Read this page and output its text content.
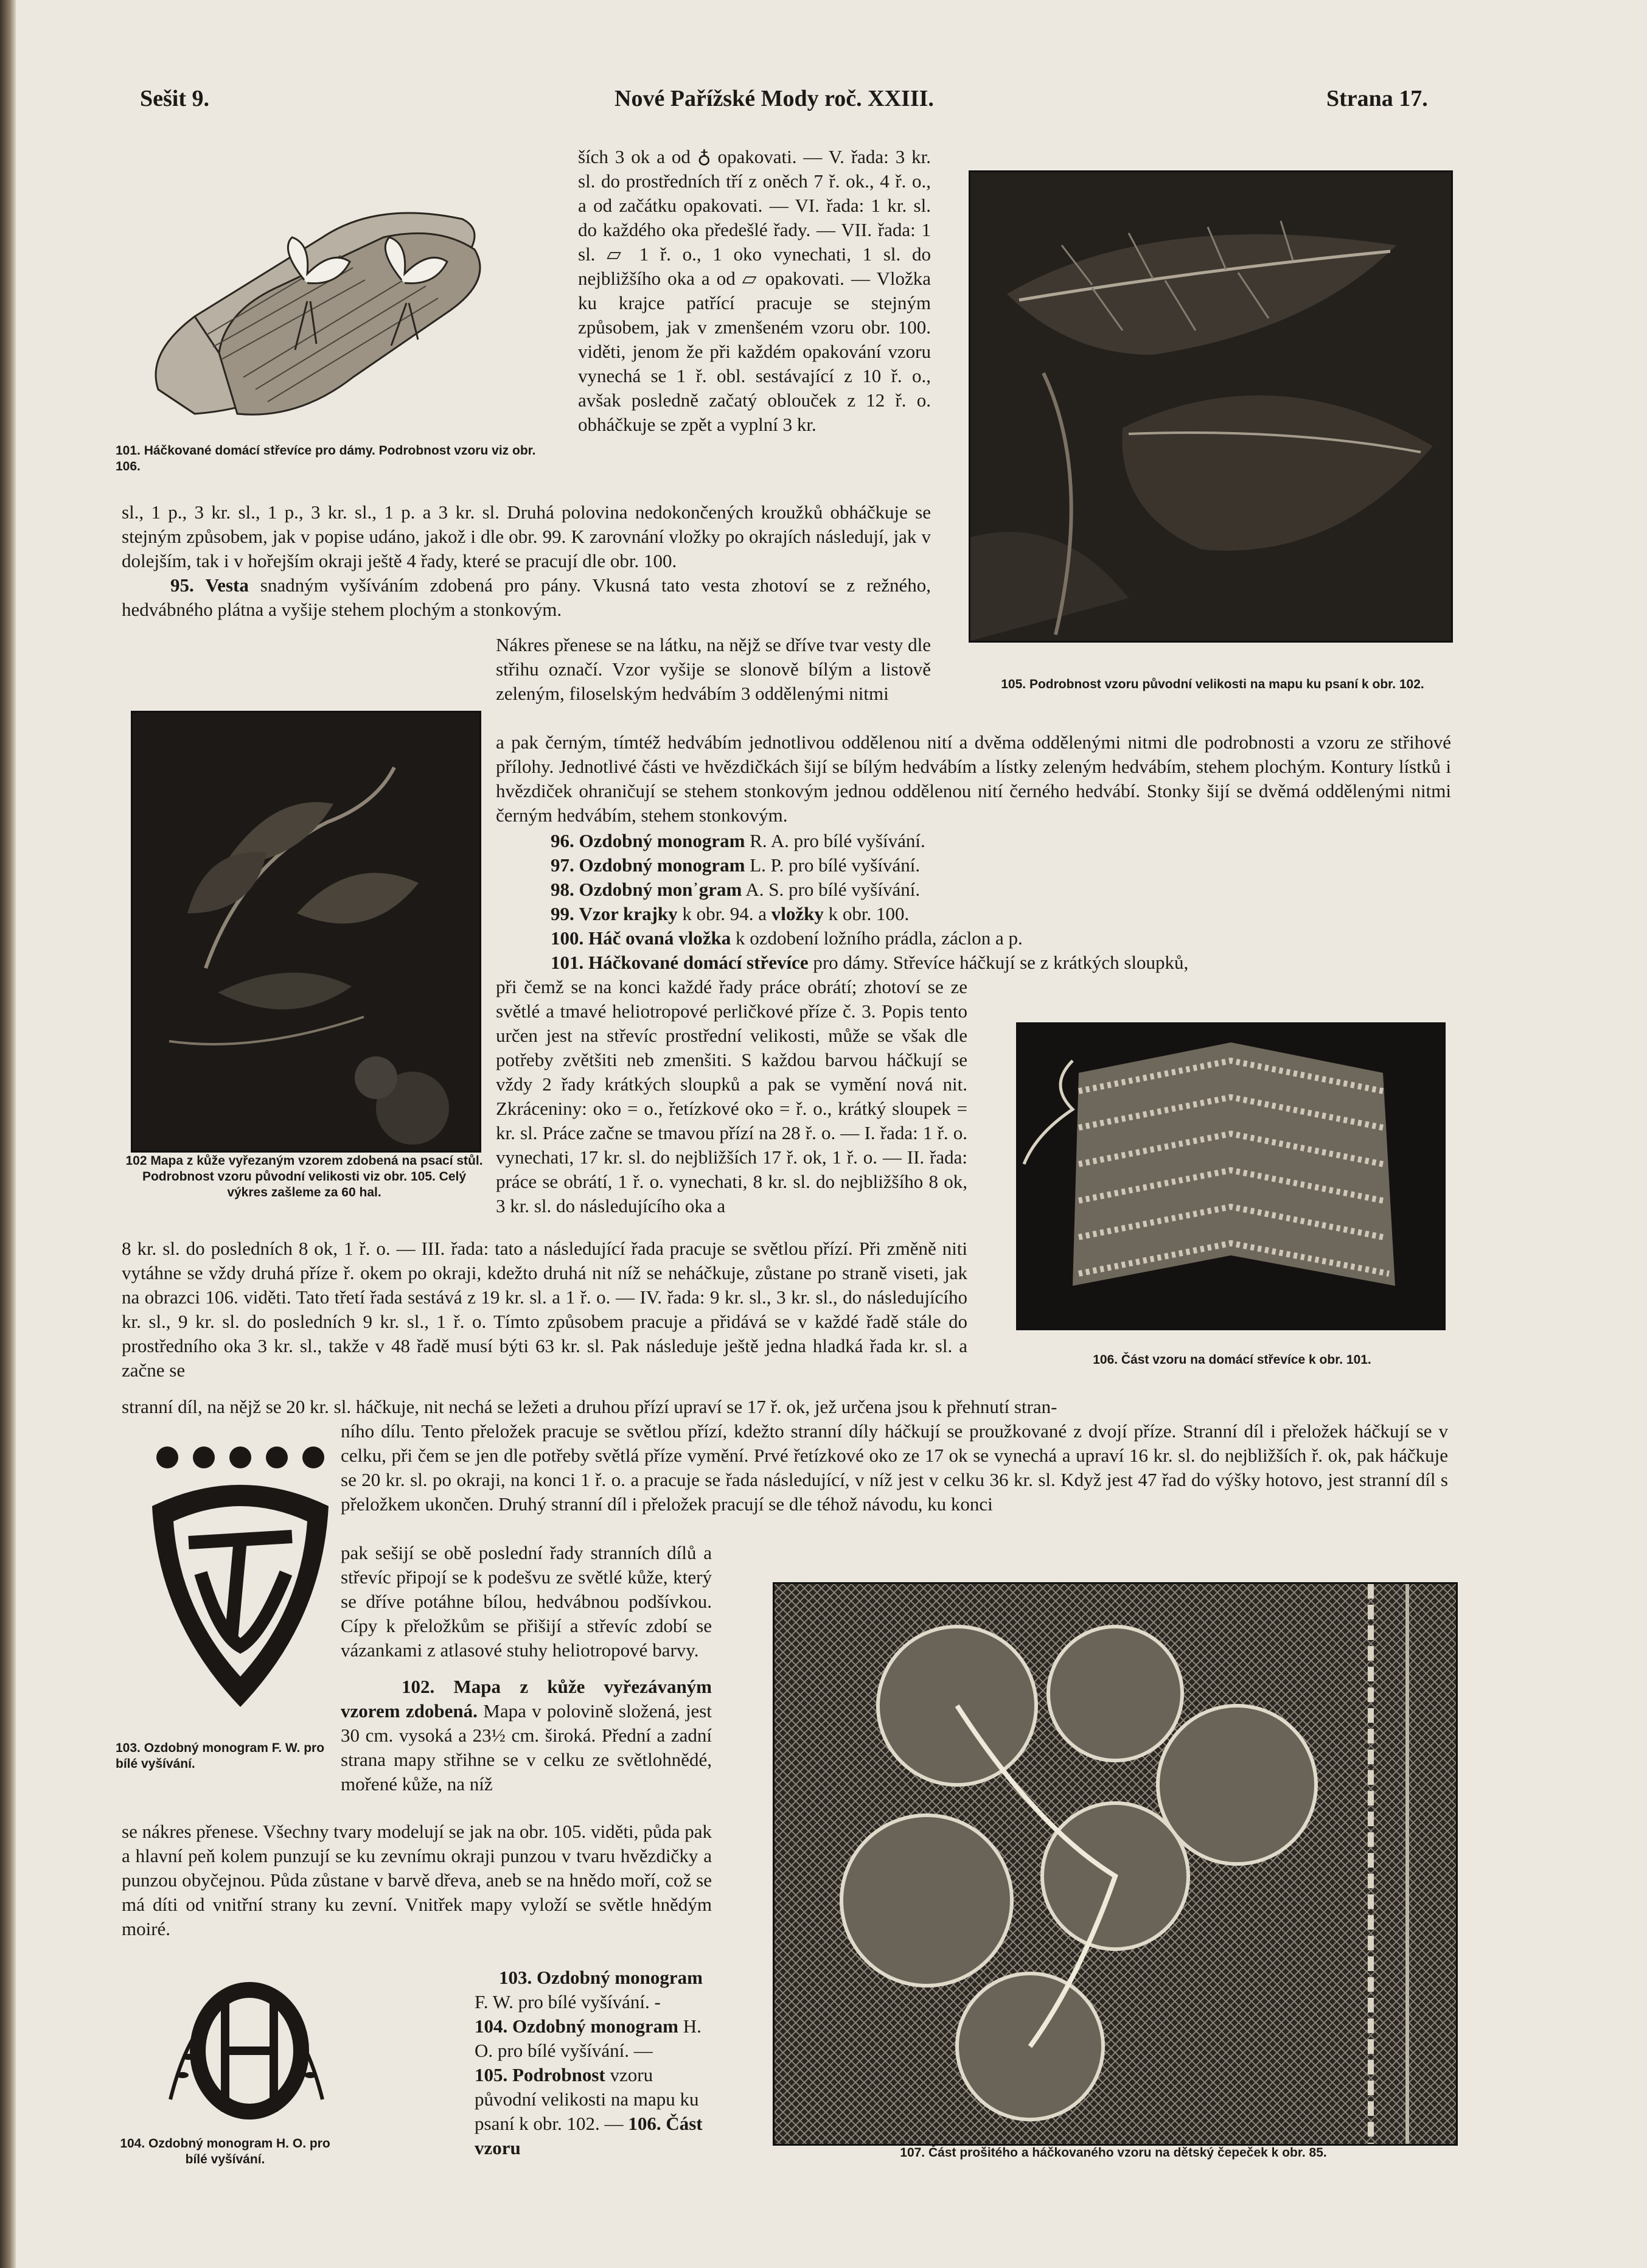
Sešit 9.	Nové Pařížské Mody roč. XXIII.	Strana 17.
101. Háčkované domácí střevíce pro dámy. Podrobnost vzoru viz obr. 106.
ších 3 ok a od ♁ opakovati. — V. řada: 3 kr. sl. do prostředních tří z oněch 7 ř. ok., 4 ř. o., a od začátku opakovati. — VI. řada: 1 kr. sl. do každého oka předešlé řady. — VII. řada: 1 sl. ▱ 1 ř. o., 1 oko vynechati, 1 sl. do nejbližšího oka a od ▱ opakovati. — Vložka ku krajce patřící pracuje se stejným způsobem, jak v zmenšeném vzoru obr. 100. viděti, jenom že při každém opakování vzoru vynechá se 1 ř. obl. sestávající z 10 ř. o., avšak posledně začatý oblouček z 12 ř. o. obháčkuje se zpět a vyplní 3 kr.
105. Podrobnost vzoru původní velikosti na mapu ku psaní k obr. 102.

sl., 1 p., 3 kr. sl., 1 p., 3 kr. sl., 1 p. a 3 kr. sl. Druhá polovina nedokončených kroužků obháčkuje se stejným způsobem, jak v popise udáno, jakož i dle obr. 99. K zarovnání vložky po okrajích následují, jak v dolejším, tak i v hořejším okraji ještě 4 řady, které se pracují dle obr. 100.

95. Vesta snadným vyšíváním zdobená pro pány. Vkusná tato vesta zhotoví se z režného, hedvábného plátna a vyšije stehem plochým a stonkovým.

102 Mapa z kůže vyřezaným vzorem zdobená na psací stůl. Podrobnost vzoru původní velikosti viz obr. 105. Celý výkres zašleme za 60 hal.
Nákres přenese se na látku, na nějž se dříve tvar vesty dle střihu označí. Vzor vyšije se slonově bílým a listově zeleným, filoselským hedvábím 3 oddělenými nitmi
a pak černým, tímtéž hedvábím jednotlivou oddělenou nití a dvěma oddělenými nitmi dle podrobnosti a vzoru ze střihové přílohy. Jednotlivé části ve hvězdičkách šijí se bílým hedvábím a lístky zeleným hedvábím, stehem plochým. Kontury lístků i hvězdiček ohraničují se stehem stonkovým jednou oddělenou nití černého hedvábí. Stonky šijí se dvěmá oddělenými nitmi černým hedvábím, stehem stonkovým.

96. Ozdobný monogram R. A. pro bílé vyšívání.

97. Ozdobný monogram L. P. pro bílé vyšívání.

98. Ozdobný mon᾽gram A. S. pro bílé vyšívání.

99. Vzor krajky k obr. 94. a vložky k obr. 100.

100. Háč ovaná vložka k ozdobení ložního prádla, záclon a p.

101. Háčkované domácí střevíce pro dámy. Střevíce háčkují se z krátkých sloupků,

při čemž se na konci každé řady práce obrátí; zhotoví se ze světlé a tmavé heliotropové perličkové příze č. 3. Popis tento určen jest na střevíc prostřední velikosti, může se však dle potřeby zvětšiti neb zmenšiti. S každou barvou háčkují se vždy 2 řady krátkých sloupků a pak se vymění nová nit. Zkráceniny: oko = o., řetízkové oko = ř. o., krátký sloupek = kr. sl. Práce začne se tmavou přízí na 28 ř. o. — I. řada: 1 ř. o. vynechati, 17 kr. sl. do nejbližších 17 ř. ok, 1 ř. o. — II. řada: práce se obrátí, 1 ř. o. vynechati, 8 kr. sl. do nejbližšího 8 ok, 3 kr. sl. do následujícího oka a
106. Část vzoru na domácí střevíce k obr. 101.
8 kr. sl. do posledních 8 ok, 1 ř. o. — III. řada: tato a následující řada pracuje se světlou přízí. Při změně niti vytáhne se vždy druhá příze ř. okem po okraji, kdežto druhá nit níž se neháčkuje, zůstane po straně viseti, jak na obrazci 106. viděti. Tato třetí řada sestává z 19 kr. sl. a 1 ř. o. — IV. řada: 9 kr. sl., 3 kr. sl., do následujícího kr. sl., 9 kr. sl. do posledních 9 kr. sl., 1 ř. o. Tímto způsobem pracuje a přidává se v každé řadě stále do prostředního oka 3 kr. sl., takže v 48 řadě musí býti 63 kr. sl. Pak následuje ještě jedna hladká řada kr. sl. a začne se
stranní díl, na nějž se 20 kr. sl. háčkuje, nit nechá se ležeti a druhou přízí upraví se 17 ř. ok, jež určena jsou k přehnutí stran-
103. Ozdobný monogram F. W. pro bílé vyšívání.
ního dílu. Tento přeložek pracuje se světlou přízí, kdežto stranní díly háčkují se proužkované z dvojí příze. Stranní díl i přeložek háčkují se v celku, při čem se jen dle potřeby světlá příze vymění. Prvé řetízkové oko ze 17 ok se vynechá a upraví 16 kr. sl. do nejbližších ř. ok, pak háčkuje se 20 kr. sl. po okraji, na konci 1 ř. o. a pracuje se řada následující, v níž jest v celku 36 kr. sl. Když jest 47 řad do výšky hotovo, jest stranní díl s přeložkem ukončen. Druhý stranní díl i přeložek pracují se dle téhož návodu, ku konci
pak sešijí se obě poslední řady stranních dílů a střevíc připojí se k podešvu ze světlé kůže, který se dříve potáhne bílou, hedvábnou podšívkou. Cípy k přeložkům se přišijí a střevíc zdobí se vázankami z atlasové stuhy heliotropové barvy.

102. Mapa z kůže vyřezávaným vzorem zdobená. Mapa v polovině složená, jest 30 cm. vysoká a 23½ cm. široká. Přední a zadní strana mapy střihne se v celku ze světlohnědé, mořené kůže, na níž

107. Část prošitého a háčkovaného vzoru na dětský čepeček k obr. 85.
se nákres přenese. Všechny tvary modelují se jak na obr. 105. viděti, půda pak a hlavní peň kolem punzují se ku zevnímu okraji punzou v tvaru hvězdičky a punzou obyčejnou. Půda zůstane v barvě dřeva, aneb se na hnědo moří, což se má díti od vnitřní strany ku zevní. Vnitřek mapy vyloží se světle hnědým moiré.
104. Ozdobný monogram H. O. pro bílé vyšívání.

103. Ozdobný monogram F. W. pro bílé vyšívání. -

104. Ozdobný monogram H. O. pro bílé vyšívání. —

105. Podrobnost vzoru původní velikosti na mapu ku psaní k obr. 102. — 106. Část vzoru
